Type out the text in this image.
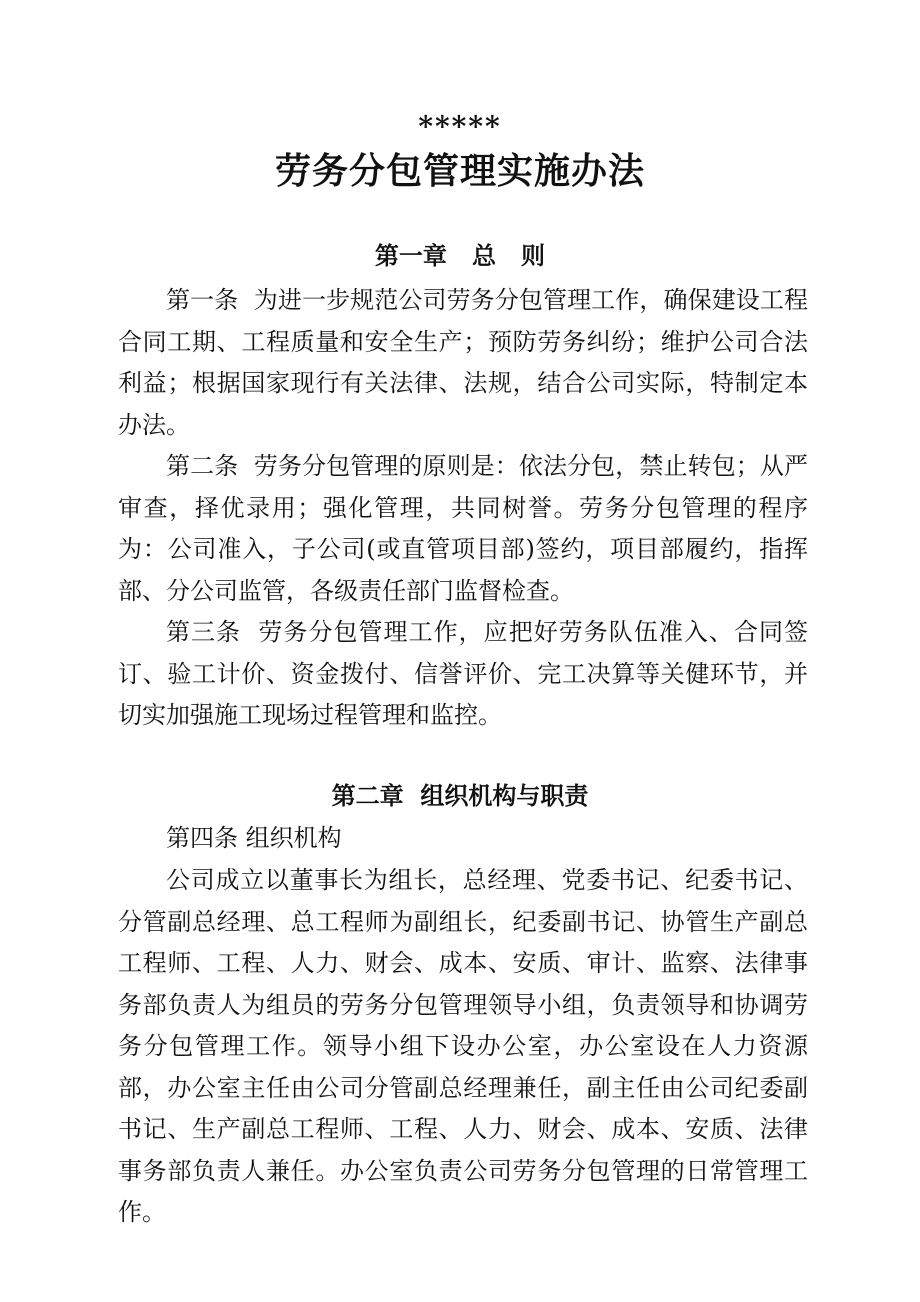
*****
劳务分包管理实施办法
第一章   总   则

第一条  为进一步规范公司劳务分包管理工作，确保建设工程合同工期、工程质量和安全生产；预防劳务纠纷；维护公司合法利益；根据国家现行有关法律、法规，结合公司实际，特制定本办法。

第二条  劳务分包管理的原则是：依法分包，禁止转包；从严审查，择优录用；强化管理，共同树誉。劳务分包管理的程序为：公司准入，子公司(或直管项目部)签约，项目部履约，指挥部、分公司监管，各级责任部门监督检查。

第三条  劳务分包管理工作，应把好劳务队伍准入、合同签订、验工计价、资金拨付、信誉评价、完工决算等关健环节，并切实加强施工现场过程管理和监控。

第二章  组织机构与职责

第四条 组织机构

公司成立以董事长为组长，总经理、党委书记、纪委书记、分管副总经理、总工程师为副组长，纪委副书记、协管生产副总工程师、工程、人力、财会、成本、安质、审计、监察、法律事务部负责人为组员的劳务分包管理领导小组，负责领导和协调劳务分包管理工作。领导小组下设办公室，办公室设在人力资源部，办公室主任由公司分管副总经理兼任，副主任由公司纪委副书记、生产副总工程师、工程、人力、财会、成本、安质、法律事务部负责人兼任。办公室负责公司劳务分包管理的日常管理工作。
